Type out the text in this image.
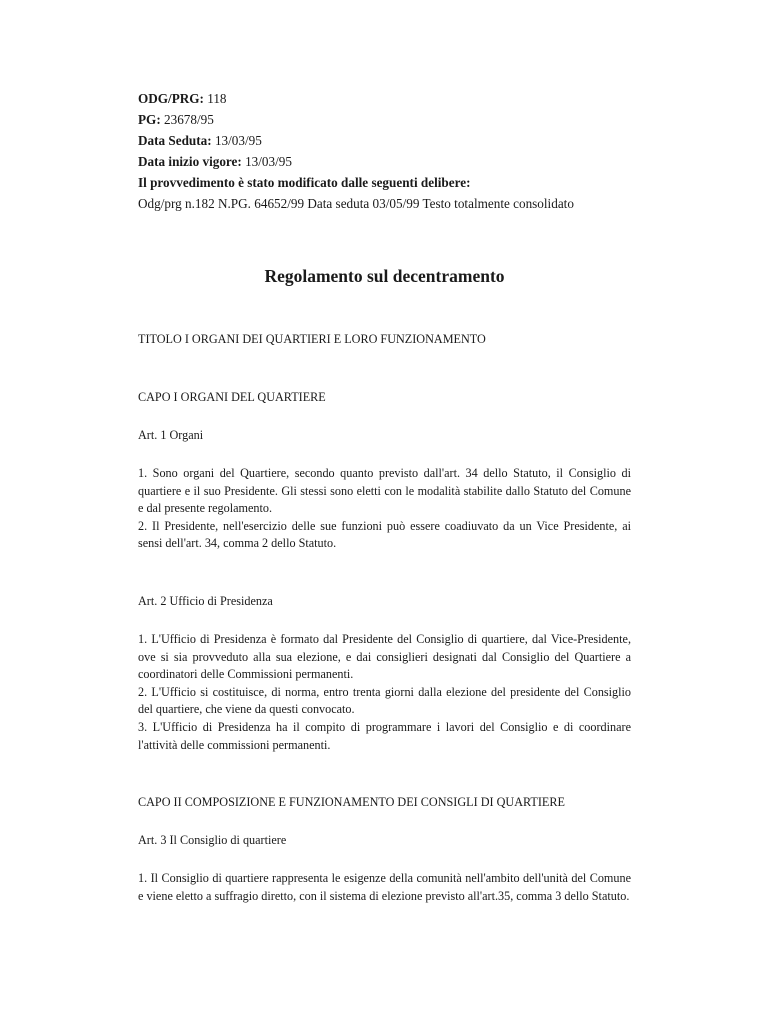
ODG/PRG: 118
PG: 23678/95
Data Seduta: 13/03/95
Data inizio vigore: 13/03/95
Il provvedimento è stato modificato dalle seguenti delibere:
Odg/prg n.182 N.PG. 64652/99 Data seduta 03/05/99 Testo totalmente consolidato
Regolamento sul decentramento
TITOLO I ORGANI DEI QUARTIERI E LORO FUNZIONAMENTO
CAPO I ORGANI DEL QUARTIERE
Art. 1 Organi

1. Sono organi del Quartiere, secondo quanto previsto dall'art. 34 dello Statuto, il Consiglio di quartiere e il suo Presidente. Gli stessi sono eletti con le modalità stabilite dallo Statuto del Comune e dal presente regolamento.

2. Il Presidente, nell'esercizio delle sue funzioni può essere coadiuvato da un Vice Presidente, ai sensi dell'art. 34, comma 2 dello Statuto.

Art. 2 Ufficio di Presidenza

1. L'Ufficio di Presidenza è formato dal Presidente del Consiglio di quartiere, dal Vice-Presidente, ove si sia provveduto alla sua elezione, e dai consiglieri designati dal Consiglio del Quartiere a coordinatori delle Commissioni permanenti.

2. L'Ufficio si costituisce, di norma, entro trenta giorni dalla elezione del presidente del Consiglio del quartiere, che viene da questi convocato.

3. L'Ufficio di Presidenza ha il compito di programmare i lavori del Consiglio e di coordinare l'attività delle commissioni permanenti.

CAPO II COMPOSIZIONE E FUNZIONAMENTO DEI CONSIGLI DI QUARTIERE
Art. 3 Il Consiglio di quartiere

1. Il Consiglio di quartiere rappresenta le esigenze della comunità nell'ambito dell'unità del Comune e viene eletto a suffragio diretto, con il sistema di elezione previsto all'art.35, comma 3 dello Statuto.
